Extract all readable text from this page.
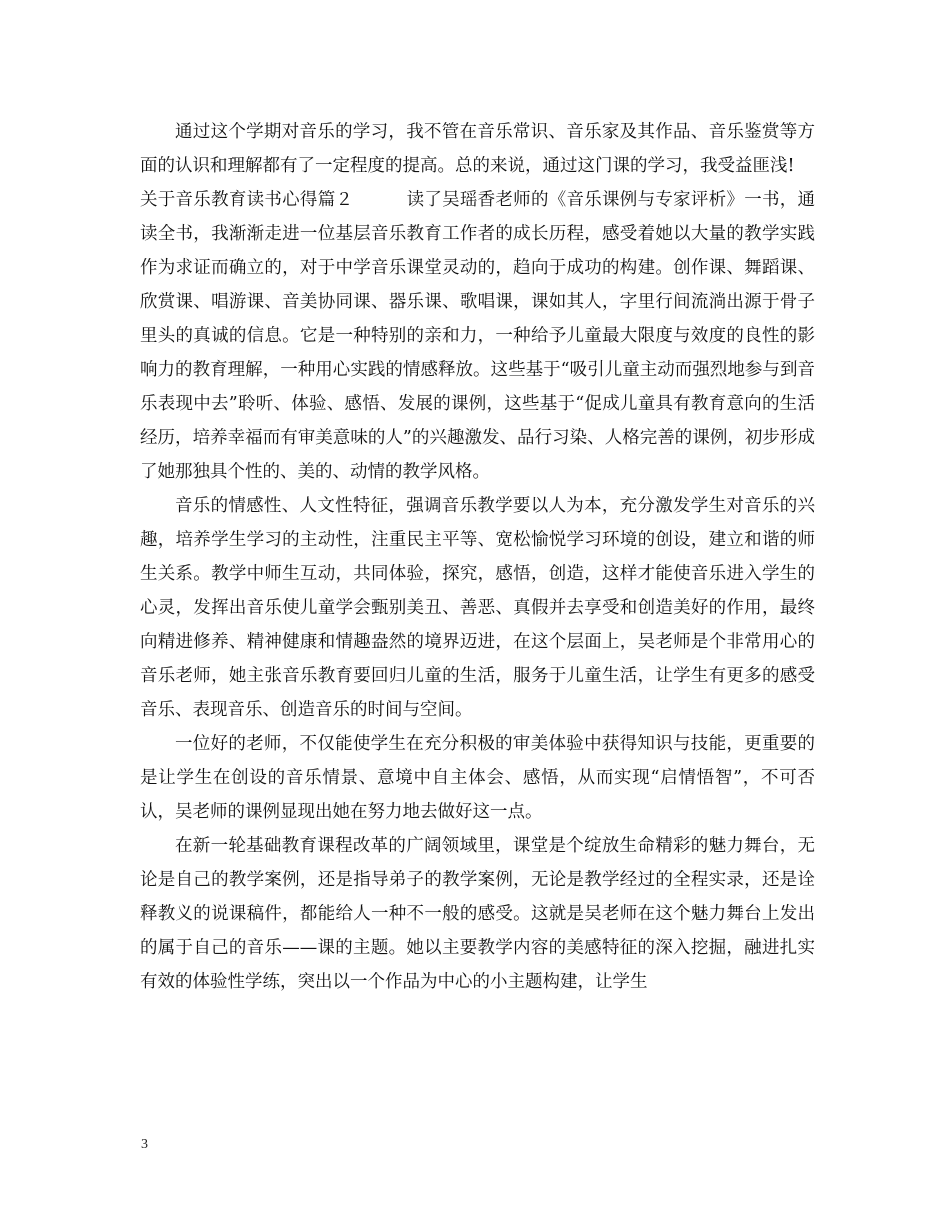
通过这个学期对音乐的学习，我不管在音乐常识、音乐家及其作品、音乐鉴赏等方面的认识和理解都有了一定程度的提高。总的来说，通过这门课的学习，我受益匪浅!

关于音乐教育读书心得篇２　　　	读了吴瑶香老师的《音乐课例与专家评析》一书，通读全书，我渐渐走进一位基层音乐教育工作者的成长历程，感受着她以大量的教学实践作为求证而确立的，对于中学音乐课堂灵动的，趋向于成功的构建。创作课、舞蹈课、欣赏课、唱游课、音美协同课、器乐课、歌唱课，课如其人，字里行间流淌出源于骨子里头的真诚的信息。它是一种特别的亲和力，一种给予儿童最大限度与效度的良性的影响力的教育理解，一种用心实践的情感释放。这些基于“吸引儿童主动而强烈地参与到音乐表现中去”聆听、体验、感悟、发展的课例，这些基于“促成儿童具有教育意向的生活经历，培养幸福而有审美意味的人”的兴趣激发、品行习染、人格完善的课例，初步形成了她那独具个性的、美的、动情的教学风格。

音乐的情感性、人文性特征，强调音乐教学要以人为本，充分激发学生对音乐的兴趣，培养学生学习的主动性，注重民主平等、宽松愉悦学习环境的创设，建立和谐的师生关系。教学中师生互动，共同体验，探究，感悟，创造，这样才能使音乐进入学生的心灵，发挥出音乐使儿童学会甄别美丑、善恶、真假并去享受和创造美好的作用，最终向精进修养、精神健康和情趣盎然的境界迈进，在这个层面上，吴老师是个非常用心的音乐老师，她主张音乐教育要回归儿童的生活，服务于儿童生活，让学生有更多的感受音乐、表现音乐、创造音乐的时间与空间。

一位好的老师，不仅能使学生在充分积极的审美体验中获得知识与技能，更重要的是让学生在创设的音乐情景、意境中自主体会、感悟，从而实现“启情悟智”，不可否认，吴老师的课例显现出她在努力地去做好这一点。

在新一轮基础教育课程改革的广阔领域里，课堂是个绽放生命精彩的魅力舞台，无论是自己的教学案例，还是指导弟子的教学案例，无论是教学经过的全程实录，还是诠释教义的说课稿件，都能给人一种不一般的感受。这就是吴老师在这个魅力舞台上发出的属于自己的音乐——课的主题。她以主要教学内容的美感特征的深入挖掘，融进扎实有效的体验性学练，突出以一个作品为中心的小主题构建，让学生

3
